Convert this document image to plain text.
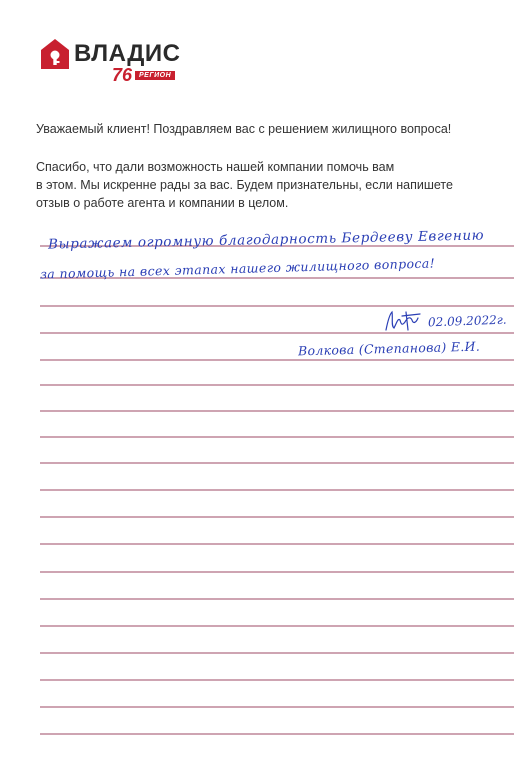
ВЛАДИС
76 РЕГИОН
Уважаемый клиент! Поздравляем вас с решением жилищного вопроса!
Спасибо, что дали возможность нашей компании помочь вам
в этом. Мы искренне рады за вас. Будем признательны, если напишете
отзыв о работе агента и компании в целом.
Выражаем огромную благодарность Бердееву Евгению
за помощь на всех этапах нашего жилищного вопроса!
02.09.2022г.
Волкова (Степанова) Е.И.
